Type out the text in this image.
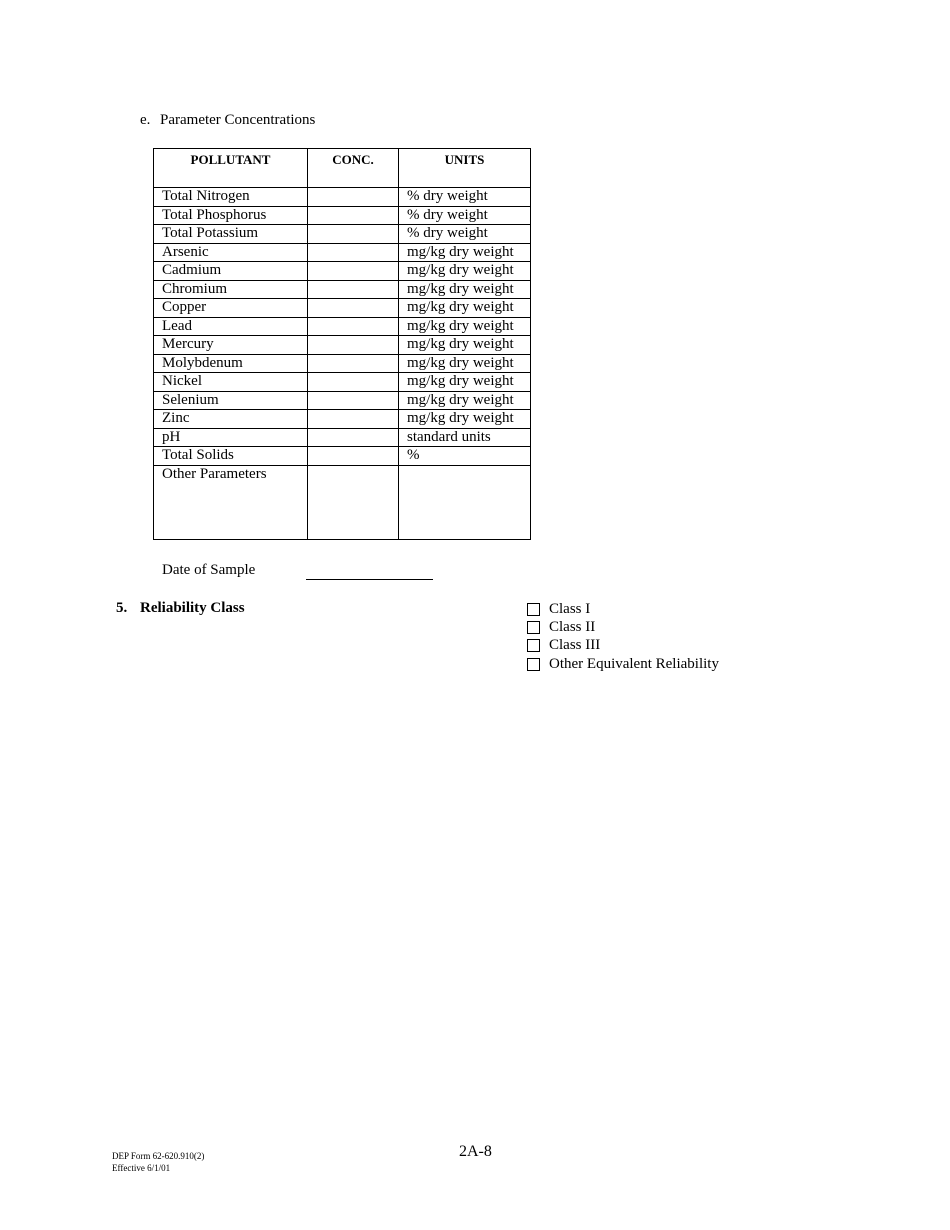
e. Parameter Concentrations
POLLUTANT	CONC.	UNITS
Total Nitrogen		% dry weight
Total Phosphorus		% dry weight
Total Potassium		% dry weight
Arsenic		mg/kg dry weight
Cadmium		mg/kg dry weight
Chromium		mg/kg dry weight
Copper		mg/kg dry weight
Lead		mg/kg dry weight
Mercury		mg/kg dry weight
Molybdenum		mg/kg dry weight
Nickel		mg/kg dry weight
Selenium		mg/kg dry weight
Zinc		mg/kg dry weight
pH		standard units
Total Solids		%
Other Parameters		
Date of Sample
5. Reliability Class	Class I
Class II
Class III
Other Equivalent Reliability
DEP Form 62-620.910(2)
Effective 6/1/01
2A-8
